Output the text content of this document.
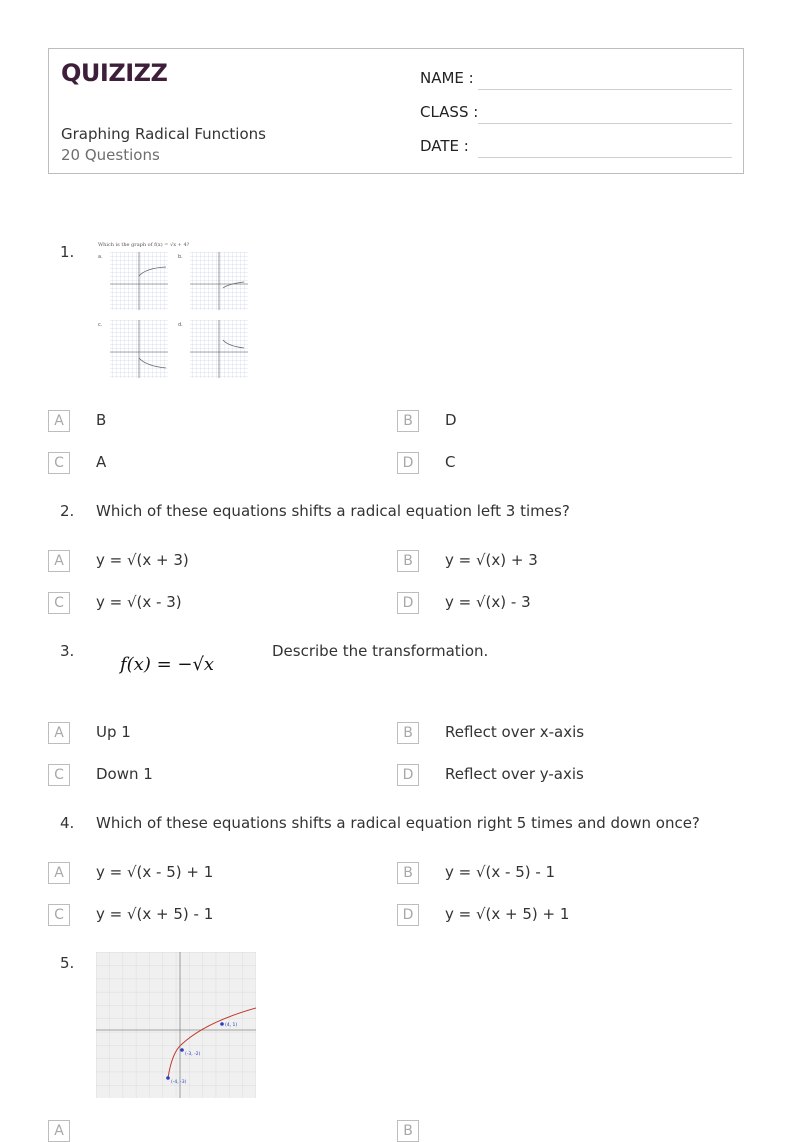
QUIZIZZ
Graphing Radical Functions
20 Questions
NAME :
CLASS :
DATE :
1.	Which is the graph of f(x) = √x + 4?
a.	b.
c.	d.
A	B	B	D
C	A	D	C
2. Which of these equations shifts a radical equation left 3 times?
A	y = √(x + 3)	B	y = √(x) + 3
C	y = √(x - 3)	D	y = √(x) - 3
3.
f(x) = −√x
Describe the transformation.
A	Up 1	B	Reflect over x-axis
C	Down 1	D	Reflect over y-axis
4. Which of these equations shifts a radical equation right 5 times and down once?
A	y = √(x - 5) + 1	B	y = √(x - 5) - 1
C	y = √(x + 5) - 1	D	y = √(x + 5) + 1
5.
(4, 1)
(-3, -2)
(-4, -3)
A	B
